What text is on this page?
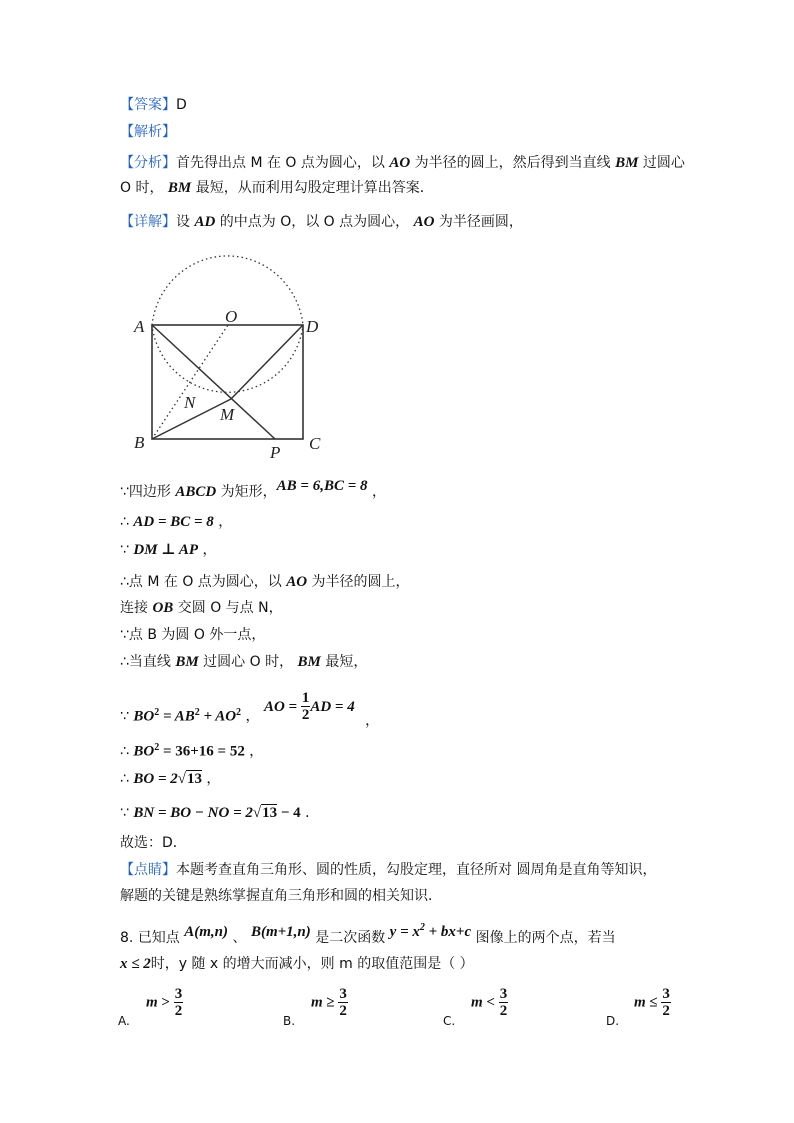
【答案】D
【解析】
【分析】首先得出点 M 在 O 点为圆心，以 AO 为半径的圆上，然后得到当直线 BM 过圆心
O 时， BM 最短，从而利用勾股定理计算出答案．
【详解】设 AD 的中点为 O，以 O 点为圆心， AO 为半径画圆，
A
O
D
N
M
B
P C
∵四边形 ABCD 为矩形，AB = 6,BC = 8 ，
∴ AD = BC = 8 ，
∵ DM ⊥ AP ，
∴点 M 在 O 点为圆心，以 AO 为半径的圆上，
连接 OB 交圆 O 与点 N，
∵点 B 为圆 O 外一点，
∴当直线 BM 过圆心 O 时， BM 最短，
∵ $BO^2 = AB^2 + AO^2$ ， AO = $\frac{1}{2}$ AD = 4 ，
∴ $BO^2 = 36+16 = 52$ ，
∴ BO = 2√13 ，
∵ BN = BO − NO = 2√13 − 4 ．
故选：D．
【点睛】本题考查直角三角形、圆的性质，勾股定理，直径所对 圆周角是直角等知识，
解题的关键是熟练掌握直角三角形和圆的相关知识．
8. 已知点 A(m,n) 、 B(m+1,n) 是二次函数 $y = x^2 + bx+c$ 图像上的两个点，若当
x ≤ 2时，y 随 x 的增大而减小，则 m 的取值范围是（ ）
A.
$m > \frac{3}{2}$
B.
$m \ge \frac{3}{2}$
C.
$m < \frac{3}{2}$
D.
$m \le \frac{3}{2}$
